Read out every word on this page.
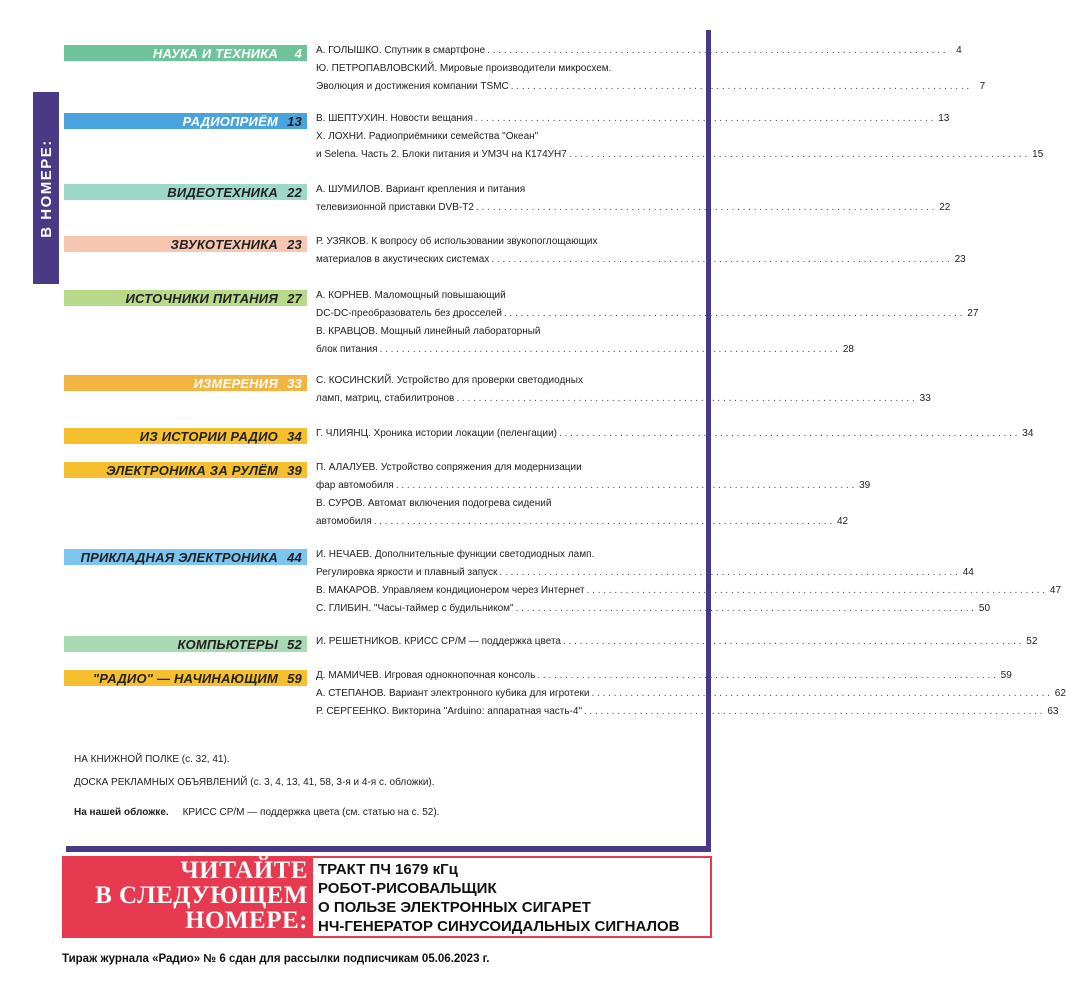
В НОМЕРЕ:
НАУКА И ТЕХНИКА	4 А. ГОЛЫШКО. Спутник в смартфоне . . .	4
Ю. ПЕТРОПАВЛОВСКИЙ. Мировые производители микросхем.
Эволюция и достижения компании TSMC . . .	7
РАДИОПРИЁМ 13 В. ШЕПТУХИН. Новости вещания . . .	13
Х. ЛОХНИ. Радиоприёмники семейства "Океан"
и Selena. Часть 2. Блоки питания и УМЗЧ на К174УН7 . . .	15
ВИДЕОТЕХНИКА 22 А. ШУМИЛОВ. Вариант крепления и питания
телевизионной приставки DVB-T2 . . .	22
ЗВУКОТЕХНИКА 23 Р. УЗЯКОВ. К вопросу об использовании звукопоглощающих
материалов в акустических системах . . .	23
ИСТОЧНИКИ ПИТАНИЯ 27 А. КОРНЕВ. Маломощный повышающий
DC-DC-преобразователь без дросселей . . .	27
В. КРАВЦОВ. Мощный линейный лабораторный
блок питания . . .	28
ИЗМЕРЕНИЯ 33 С. КОСИНСКИЙ. Устройство для проверки светодиодных
ламп, матриц, стабилитронов . . .	33
ИЗ ИСТОРИИ РАДИО 34 Г. ЧЛИЯНЦ. Хроника истории локации (пеленгации) . . .	34
ЭЛЕКТРОНИКА ЗА РУЛЁМ 39 П. АЛАЛУЕВ. Устройство сопряжения для модернизации
фар автомобиля . . .	39
В. СУРОВ. Автомат включения подогрева сидений
автомобиля . . .	42
ПРИКЛАДНАЯ ЭЛЕКТРОНИКА 44 И. НЕЧАЕВ. Дополнительные функции светодиодных ламп.
Регулировка яркости и плавный запуск . . .	44
В. МАКАРОВ. Управляем кондиционером через Интернет . . .	47
С. ГЛИБИН. "Часы-таймер с будильником" . . .	50
КОМПЬЮТЕРЫ 52 И. РЕШЕТНИКОВ. КРИСС CP/M — поддержка цвета . . .	52
"РАДИО" — НАЧИНАЮЩИМ 59 Д. МАМИЧЕВ. Игровая однокнопочная консоль . . .	59
А. СТЕПАНОВ. Вариант электронного кубика для игротеки . . .	62
Р. СЕРГЕЕНКО. Викторина "Arduino: аппаратная часть-4" . . .	63
НА КНИЖНОЙ ПОЛКЕ (с. 32, 41).
ДОСКА РЕКЛАМНЫХ ОБЪЯВЛЕНИЙ (с. 3, 4, 13, 41, 58, 3-я и 4-я с. обложки).
На нашей обложке. КРИСС CP/M — поддержка цвета (см. статью на с. 52).
ЧИТАЙТЕ
В СЛЕДУЮЩЕМ
НОМЕРЕ:
ТРАКТ ПЧ 1679 кГц
РОБОТ-РИСОВАЛЬЩИК
О ПОЛЬЗЕ ЭЛЕКТРОННЫХ СИГАРЕТ
НЧ-ГЕНЕРАТОР СИНУСОИДАЛЬНЫХ СИГНАЛОВ
Тираж журнала «Радио» № 6 сдан для рассылки подписчикам 05.06.2023 г.
